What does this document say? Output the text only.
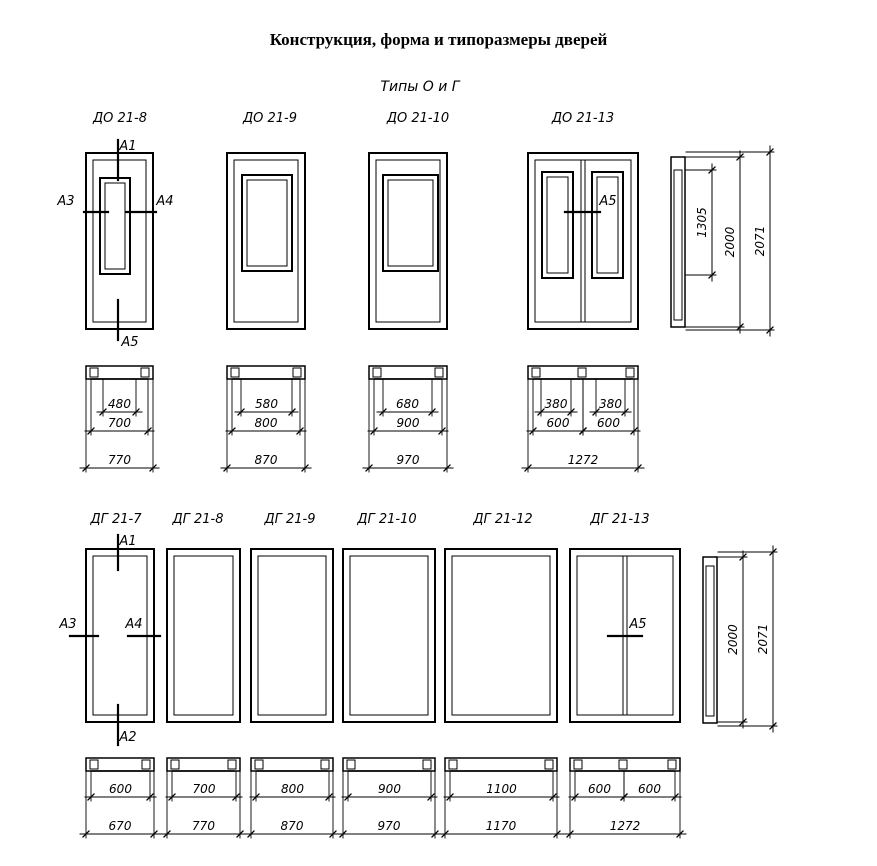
Конструкция, форма и типоразмеры дверей
Типы О и Г
ДО 21-8	ДО 21-9	ДО 21-10	ДО 21-13
А1
А3	А4
А5
А5
1305
2000 2071
480
700
770
580
800
870
680
900
970
380	380
600 600
1272
ДГ 21-7 ДГ 21-8	ДГ 21-9	ДГ 21-10	ДГ 21-12	ДГ 21-13
А1
А2
А3	А4	А5	2000 2071
600
670
700
770
800
870
900
970
1100
1170
600 600
1272
